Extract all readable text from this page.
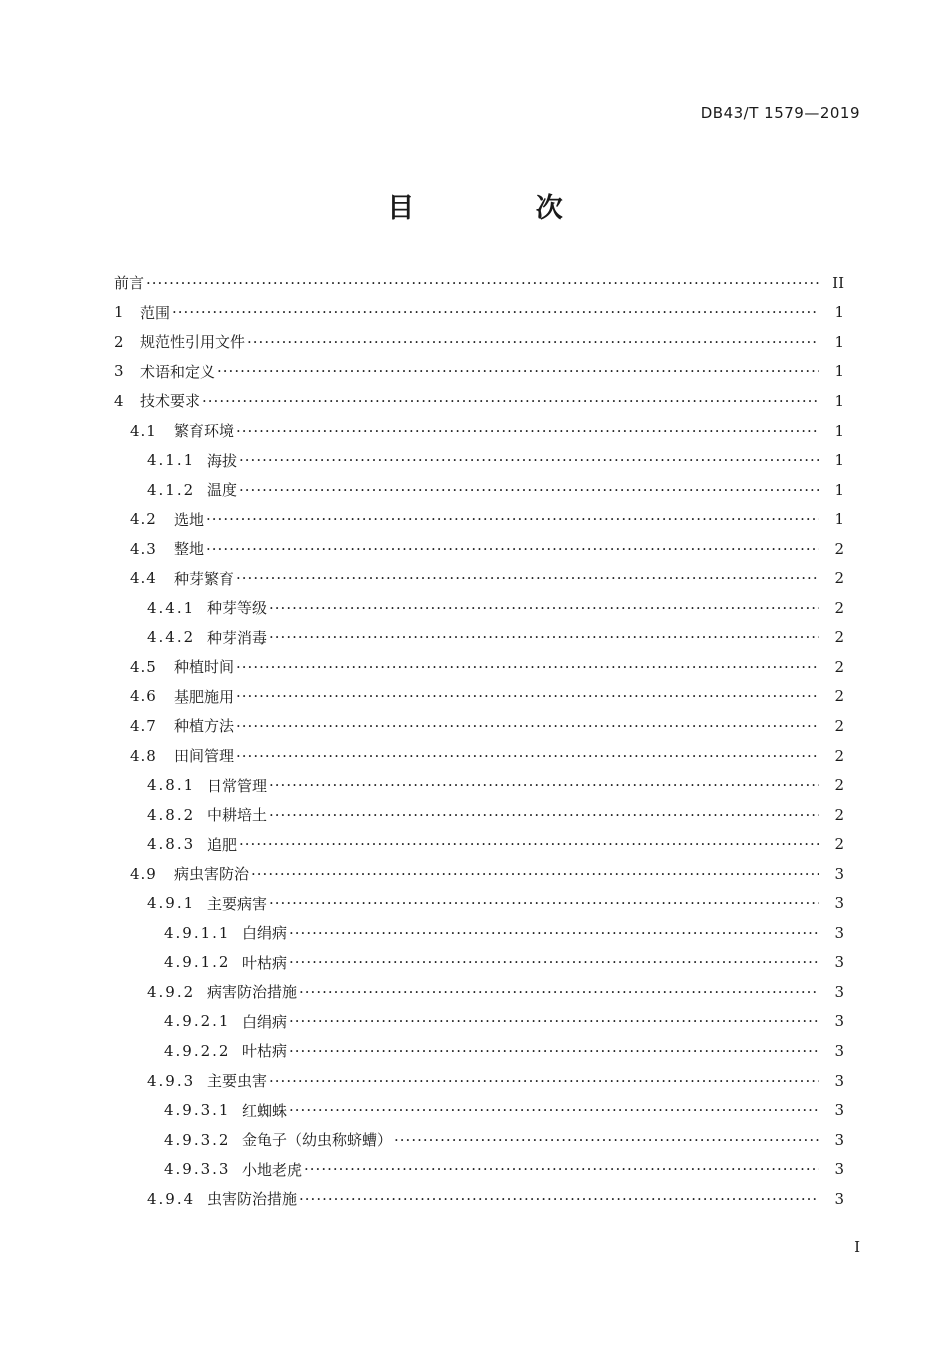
DB43/T 1579—2019
目 次
前言 ·····	II
1	范围 ·····	1
2	规范性引用文件 ·····	1
3	术语和定义 ·····	1
4	技术要求 ·····	1
4.1	繁育环境 ·····	1
4.1.1 海拔 ·····	1
4.1.2 温度 ·····	1
4.2	选地 ·····	1
4.3	整地 ·····	2
4.4	种芽繁育 ·····	2
4.4.1 种芽等级 ·····	2
4.4.2 种芽消毒 ·····	2
4.5	种植时间 ·····	2
4.6	基肥施用 ·····	2
4.7	种植方法 ·····	2
4.8	田间管理 ·····	2
4.8.1 日常管理 ·····	2
4.8.2 中耕培土 ·····	2
4.8.3 追肥 ·····	2
4.9	病虫害防治 ·····	3
4.9.1 主要病害 ·····	3
4.9.1.1 白绢病 ·····	3
4.9.1.2 叶枯病 ·····	3
4.9.2 病害防治措施 ·····	3
4.9.2.1 白绢病 ·····	3
4.9.2.2 叶枯病 ·····	3
4.9.3 主要虫害 ·····	3
4.9.3.1 红蜘蛛 ·····	3
4.9.3.2 金龟子（幼虫称蛴螬） ·····	3
4.9.3.3 小地老虎 ·····	3
4.9.4 虫害防治措施 ·····	3
I
